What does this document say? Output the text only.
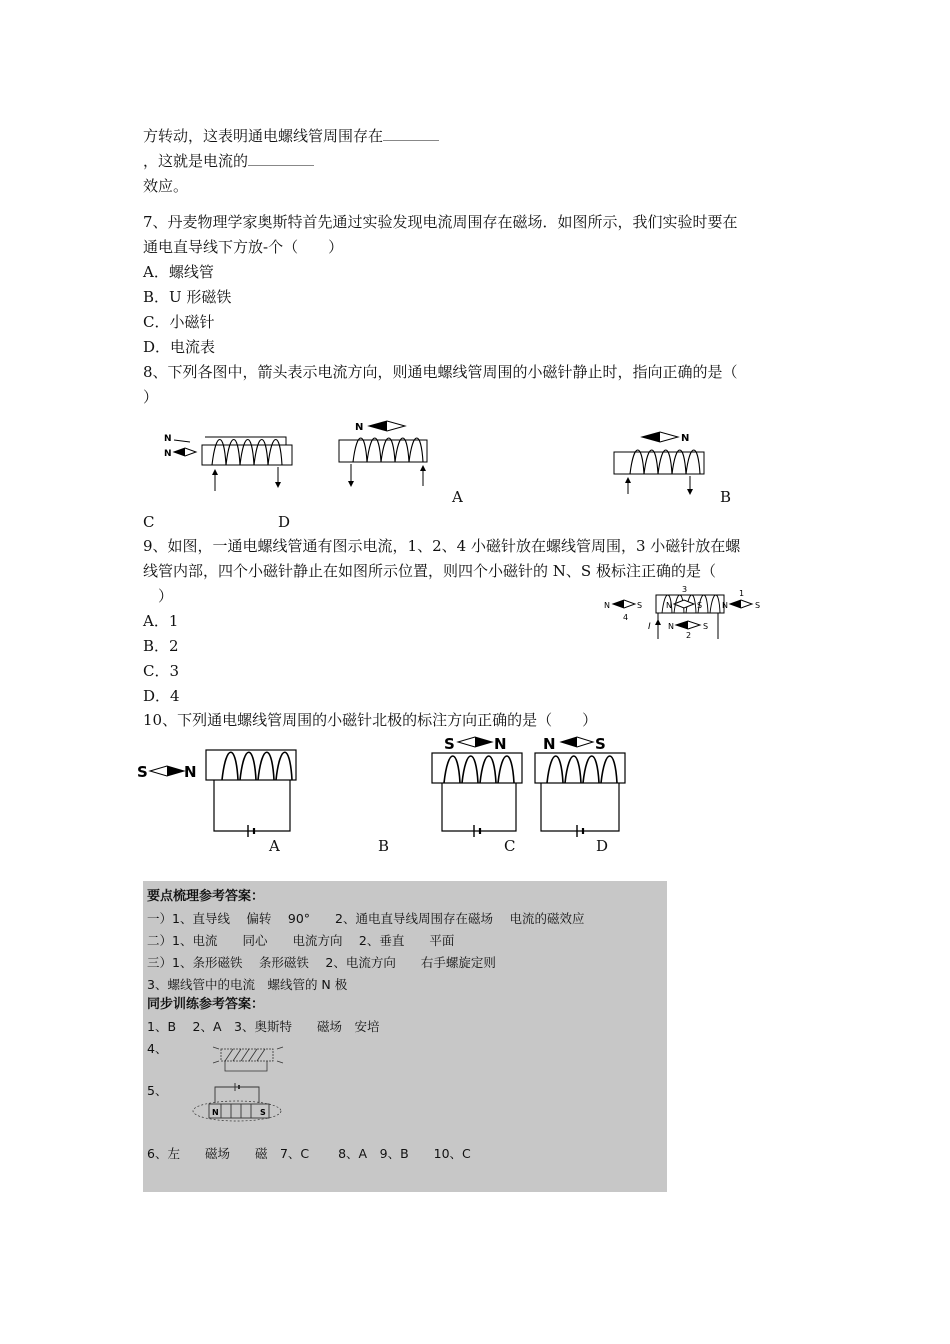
方转动，这表明通电螺线管周围存在
，这就是电流的
效应。
7、丹麦物理学家奥斯特首先通过实验发现电流周围存在磁场．如图所示，我们实验时要在
通电直导线下方放-个（　　）
A．螺线管
B．U 形磁铁
C．小磁针
D．电流表
8、下列各图中，箭头表示电流方向，则通电螺线管周围的小磁针静止时，指向正确的是（
）
N
N
N
N
A	B
C	D
9、如图，一通电螺线管通有图示电流，1、2、4 小磁针放在螺线管周围，3 小磁针放在螺
线管内部，四个小磁针静止在如图所示位置，则四个小磁针的 N、S 极标注正确的是（
）
A．1
B．2
C．3
D．4
N	S
4
3
N	S N	S
1
I N	S
2
10、下列通电螺线管周围的小磁针北极的标注方向正确的是（　　）
S N
S	N N	S
A	B	C	D
要点梳理参考答案：
一）1、直导线　 偏转　 90°　　2、通电直导线周围存在磁场　 电流的磁效应
二）1、电流　　同心　　电流方向　 2、垂直　　平面
三）1、条形磁铁　 条形磁铁　 2、电流方向　　右手螺旋定则
3、螺线管中的电流　螺线管的 N 极
同步训练参考答案：
1、B　 2、A　3、奥斯特　　磁场　安培
4、
5、
N	S
6、左　　磁场　　磁　7、C　　 8、A　9、B　　10、C
